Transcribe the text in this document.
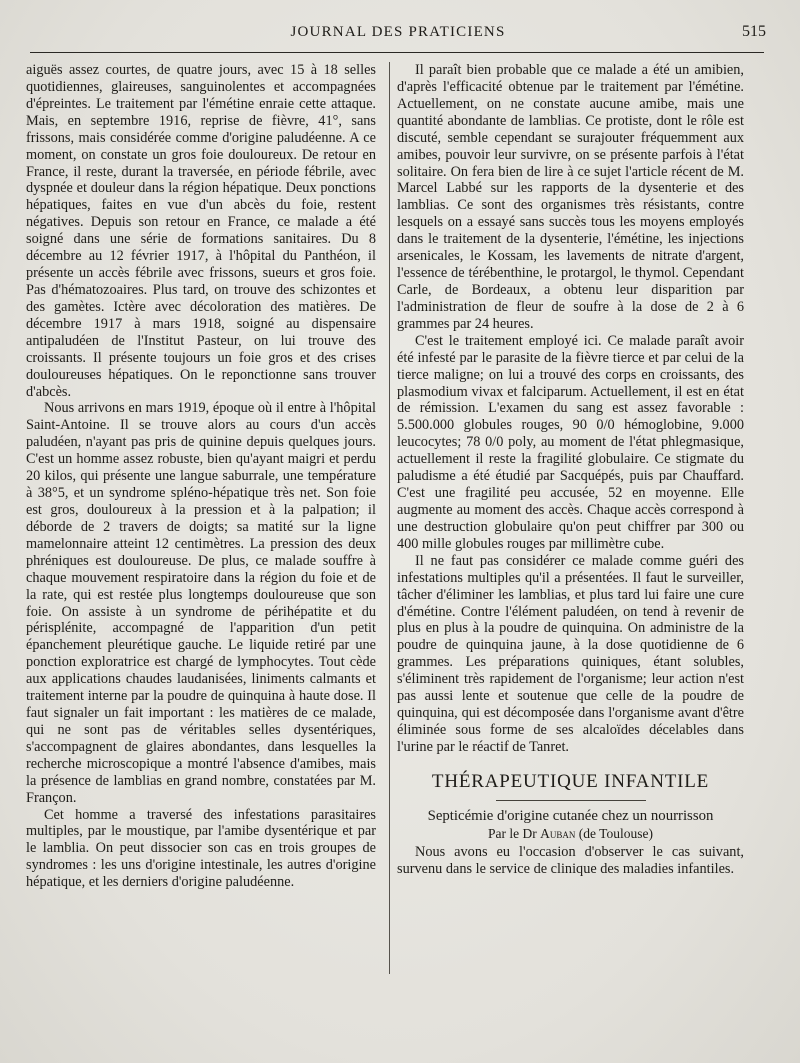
JOURNAL DES PRATICIENS	515

aiguës assez courtes, de quatre jours, avec 15 à 18 selles quotidiennes, glaireuses, sanguinolentes et accompagnées d'épreintes. Le traitement par l'émétine enraie cette attaque. Mais, en septembre 1916, reprise de fièvre, 41°, sans frissons, mais considérée comme d'origine paludéenne. A ce moment, on constate un gros foie douloureux. De retour en France, il reste, durant la traversée, en période fébrile, avec dyspnée et douleur dans la région hépatique. Deux ponctions hépatiques, faites en vue d'un abcès du foie, restent négatives. Depuis son retour en France, ce malade a été soigné dans une série de formations sanitaires. Du 8 décembre au 12 février 1917, à l'hôpital du Panthéon, il présente un accès fébrile avec frissons, sueurs et gros foie. Pas d'hématozoaires. Plus tard, on trouve des schizontes et des gamètes. Ictère avec décoloration des matières. De décembre 1917 à mars 1918, soigné au dispensaire antipaludéen de l'Institut Pasteur, on lui trouve des croissants. Il présente toujours un foie gros et des crises douloureuses hépatiques. On le reponctionne sans trouver d'abcès.

Nous arrivons en mars 1919, époque où il entre à l'hôpital Saint-Antoine. Il se trouve alors au cours d'un accès paludéen, n'ayant pas pris de quinine depuis quelques jours. C'est un homme assez robuste, bien qu'ayant maigri et perdu 20 kilos, qui présente une langue saburrale, une température à 38°5, et un syndrome spléno-hépatique très net. Son foie est gros, douloureux à la pression et à la palpation; il déborde de 2 travers de doigts; sa matité sur la ligne mamelonnaire atteint 12 centimètres. La pression des deux phréniques est douloureuse. De plus, ce malade souffre à chaque mouvement respiratoire dans la région du foie et de la rate, qui est restée plus longtemps douloureuse que son foie. On assiste à un syndrome de périhépatite et du périsplénite, accompagné de l'apparition d'un petit épanchement pleurétique gauche. Le liquide retiré par une ponction exploratrice est chargé de lymphocytes. Tout cède aux applications chaudes laudanisées, liniments calmants et traitement interne par la poudre de quinquina à haute dose. Il faut signaler un fait important : les matières de ce malade, qui ne sont pas de véritables selles dysentériques, s'accompagnent de glaires abondantes, dans lesquelles la recherche microscopique a montré l'absence d'amibes, mais la présence de lamblias en grand nombre, constatées par M. Françon.

Cet homme a traversé des infestations parasitaires multiples, par le moustique, par l'amibe dysentérique et par le lamblia. On peut dissocier son cas en trois groupes de syndromes : les uns d'origine intestinale, les autres d'origine hépatique, et les derniers d'origine paludéenne.

Il paraît bien probable que ce malade a été un amibien, d'après l'efficacité obtenue par le traitement par l'émétine. Actuellement, on ne constate aucune amibe, mais une quantité abondante de lamblias. Ce protiste, dont le rôle est discuté, semble cependant se surajouter fréquemment aux amibes, pouvoir leur survivre, on se présente parfois à l'état solitaire. On fera bien de lire à ce sujet l'article récent de M. Marcel Labbé sur les rapports de la dysenterie et des lamblias. Ce sont des organismes très résistants, contre lesquels on a essayé sans succès tous les moyens employés dans le traitement de la dysenterie, l'émétine, les injections arsenicales, le Kossam, les lavements de nitrate d'argent, l'essence de térébenthine, le protargol, le thymol. Cependant Carle, de Bordeaux, a obtenu leur disparition par l'administration de fleur de soufre à la dose de 2 à 6 grammes par 24 heures.

C'est le traitement employé ici. Ce malade paraît avoir été infesté par le parasite de la fièvre tierce et par celui de la tierce maligne; on lui a trouvé des corps en croissants, des plasmodium vivax et falciparum. Actuellement, il est en état de rémission. L'examen du sang est assez favorable : 5.500.000 globules rouges, 90 0/0 hémoglobine, 9.000 leucocytes; 78 0/0 poly, au moment de l'état phlegmasique, actuellement il reste la fragilité globulaire. Ce stigmate du paludisme a été étudié par Sacquépés, puis par Chauffard. C'est une fragilité peu accusée, 52 en moyenne. Elle augmente au moment des accès. Chaque accès correspond à une destruction globulaire qu'on peut chiffrer par 300 ou 400 mille globules rouges par millimètre cube.

Il ne faut pas considérer ce malade comme guéri des infestations multiples qu'il a présentées. Il faut le surveiller, tâcher d'éliminer les lamblias, et plus tard lui faire une cure d'émétine. Contre l'élément paludéen, on tend à revenir de plus en plus à la poudre de quinquina. On administre de la poudre de quinquina jaune, à la dose quotidienne de 6 grammes. Les préparations quiniques, étant solubles, s'éliminent très rapidement de l'organisme; leur action n'est pas aussi lente et soutenue que celle de la poudre de quinquina, qui est décomposée dans l'organisme avant d'être éliminée sous forme de ses alcaloïdes décelables dans l'urine par le réactif de Tanret.

THÉRAPEUTIQUE INFANTILE
Septicémie d'origine cutanée chez un nourrisson
Par le Dr Auban (de Toulouse)

Nous avons eu l'occasion d'observer le cas suivant, survenu dans le service de clinique des maladies infantiles.
